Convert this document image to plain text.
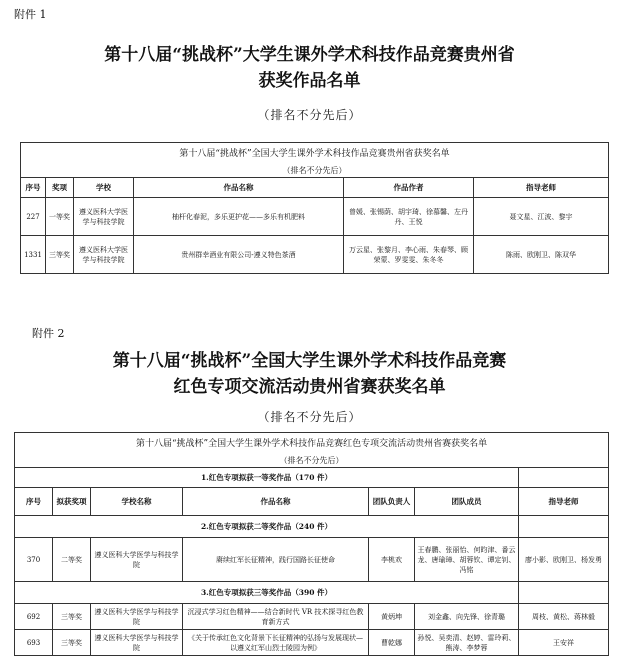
附件 1
第十八届“挑战杯”大学生课外学术科技作品竞赛贵州省
获奖作品名单
（排名不分先后）
第十八届“挑战杯”全国大学生课外学术科技作品竞赛贵州省获奖名单					
（排名不分先后）					
序号	奖项	学校	作品名称	作品作者	指导老师
227	一等奖	遵义医科大学医学与科技学院	柚杆化春泥，多乐更护花——多乐有机肥料	曾媛、张锡荫、胡宇琦、徐慕馨、左丹丹、王悦	聂文星、江波、黎宇
1331	三等奖	遵义医科大学医学与科技学院	贵州群幸酒业有限公司-遵义特色茶酒	万云星、张黎月、李心雨、朱春琴、顾荣蒙、罗雯雯、朱冬冬	陈雨、欧刚卫、陈双华
附件 2
第十八届“挑战杯”全国大学生课外学术科技作品竞赛
红色专项交流活动贵州省赛获奖名单
（排名不分先后）
第十八届“挑战杯”全国大学生课外学术科技作品竞赛红色专项交流活动贵州省赛获奖名单						
（排名不分先后）						
1.红色专项拟获一等奖作品（170 件）						
序号	拟获奖项	学校名称	作品名称	团队负责人	团队成员	指导老师
2.红色专项拟获二等奖作品（240 件）						
370	二等奖	遵义医科大学医学与科技学院	赓续红军长征精神，践行国路长征使命	李桃欢	王春鹏、张丽怡、何昀津、番云龙、唐瑜璋、胡蓉钦、谭定钊、冯铭	廖小影、欧刚卫、杨发勇
3.红色专项拟获三等奖作品（390 件）						
692	三等奖	遵义医科大学医学与科技学院	沉浸式学习红色精神——结合新时代 VR 技术探寻红色教育新方式	黄炳坤	刘金鑫、向先锋、徐青璐	周枝、黄松、蒋林毅
693	三等奖	遵义医科大学医学与科技学院	《关于传承红色文化背景下长征精神的弘扬与发展现状—以遵义红军山烈士陵园为例》	曹乾娜	孙悦、吴奕清、赵婷、雷玲莉、熊涛、李梦蓉	王安祥
